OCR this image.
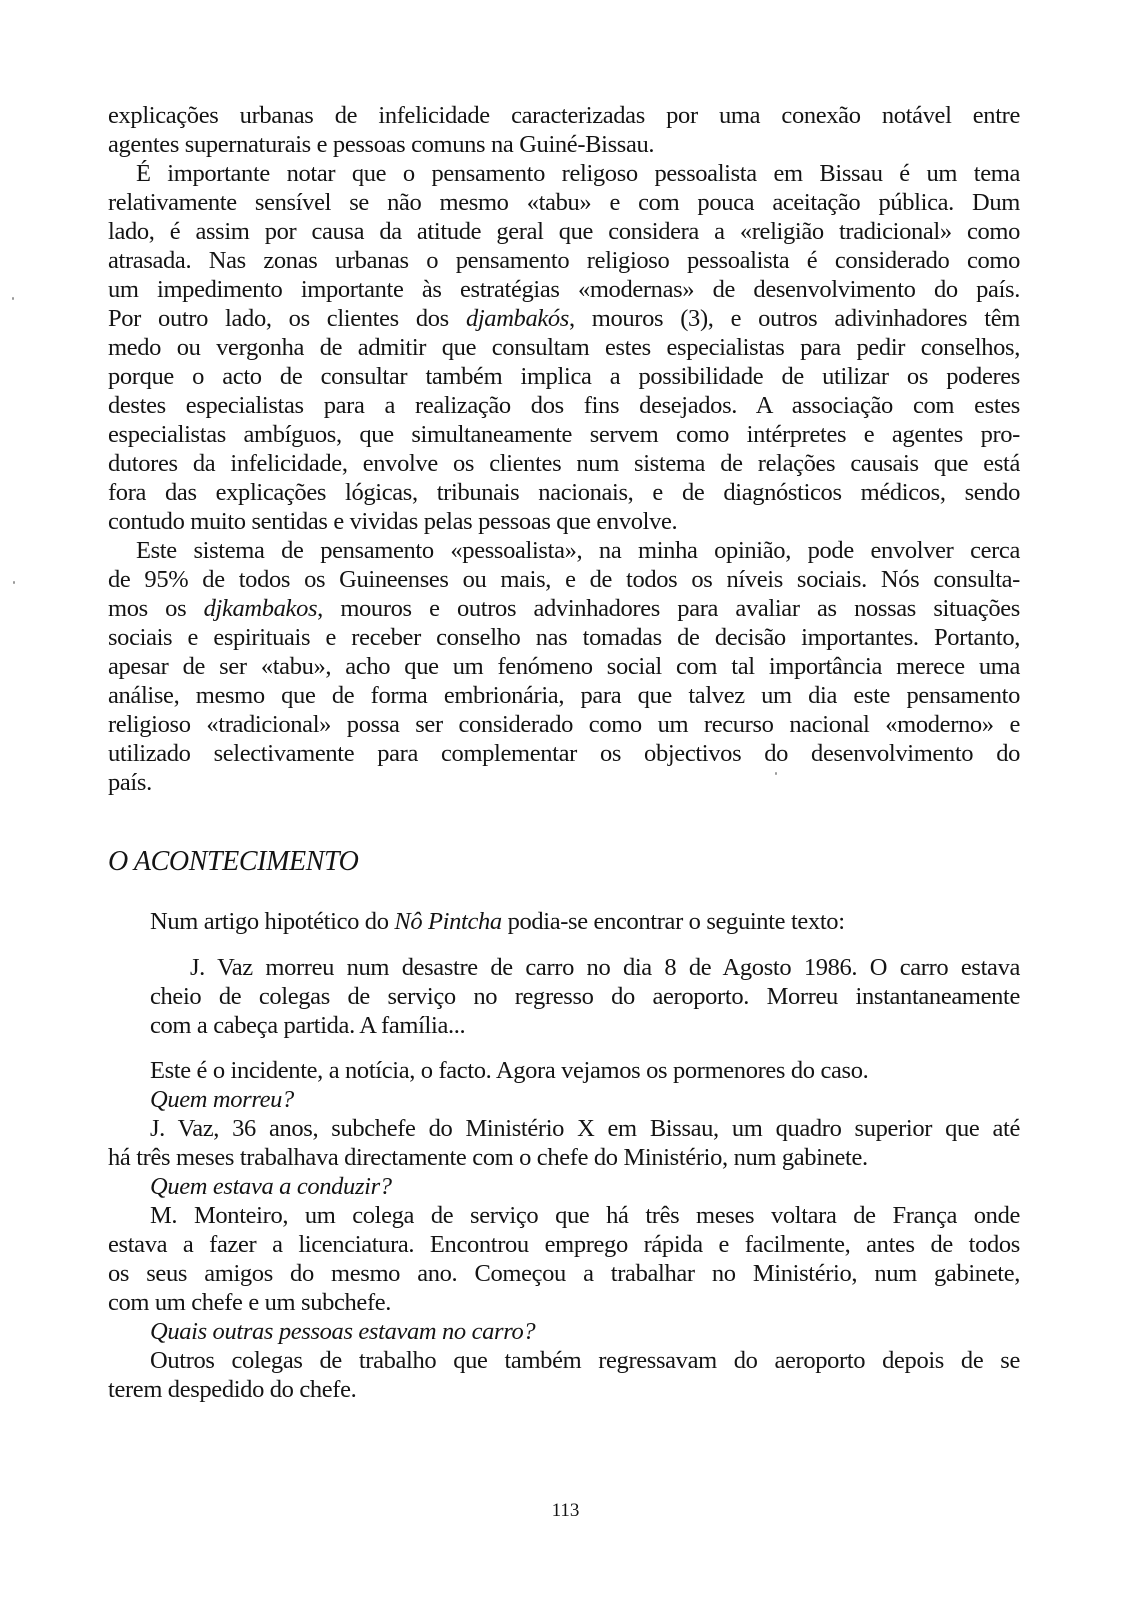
explicações urbanas de infelicidade caracterizadas por uma conexão notável entre
agentes supernaturais e pessoas comuns na Guiné-Bissau.
É importante notar que o pensamento religoso pessoalista em Bissau é um tema
relativamente sensível se não mesmo «tabu» e com pouca aceitação pública. Dum
lado, é assim por causa da atitude geral que considera a «religião tradicional» como
atrasada. Nas zonas urbanas o pensamento religioso pessoalista é considerado como
um impedimento importante às estratégias «modernas» de desenvolvimento do país.
Por outro lado, os clientes dos djambakós, mouros (3), e outros adivinhadores têm
medo ou vergonha de admitir que consultam estes especialistas para pedir conselhos,
porque o acto de consultar também implica a possibilidade de utilizar os poderes
destes especialistas para a realização dos fins desejados. A associação com estes
especialistas ambíguos, que simultaneamente servem como intérpretes e agentes pro-
dutores da infelicidade, envolve os clientes num sistema de relações causais que está
fora das explicações lógicas, tribunais nacionais, e de diagnósticos médicos, sendo
contudo muito sentidas e vividas pelas pessoas que envolve.
Este sistema de pensamento «pessoalista», na minha opinião, pode envolver cerca
de 95% de todos os Guineenses ou mais, e de todos os níveis sociais. Nós consulta-
mos os djkambakos, mouros e outros advinhadores para avaliar as nossas situações
sociais e espirituais e receber conselho nas tomadas de decisão importantes. Portanto,
apesar de ser «tabu», acho que um fenómeno social com tal importância merece uma
análise, mesmo que de forma embrionária, para que talvez um dia este pensamento
religioso «tradicional» possa ser considerado como um recurso nacional «moderno» e
utilizado selectivamente para complementar os objectivos do desenvolvimento do
país.
O ACONTECIMENTO
Num artigo hipotético do Nô Pintcha podia-se encontrar o seguinte texto:
J. Vaz morreu num desastre de carro no dia 8 de Agosto 1986. O carro estava
cheio de colegas de serviço no regresso do aeroporto. Morreu instantaneamente
com a cabeça partida. A família...
Este é o incidente, a notícia, o facto. Agora vejamos os pormenores do caso.
Quem morreu?
J. Vaz, 36 anos, subchefe do Ministério X em Bissau, um quadro superior que até
há três meses trabalhava directamente com o chefe do Ministério, num gabinete.
Quem estava a conduzir?
M. Monteiro, um colega de serviço que há três meses voltara de França onde
estava a fazer a licenciatura. Encontrou emprego rápida e facilmente, antes de todos
os seus amigos do mesmo ano. Começou a trabalhar no Ministério, num gabinete,
com um chefe e um subchefe.
Quais outras pessoas estavam no carro?
Outros colegas de trabalho que também regressavam do aeroporto depois de se
terem despedido do chefe.
113
